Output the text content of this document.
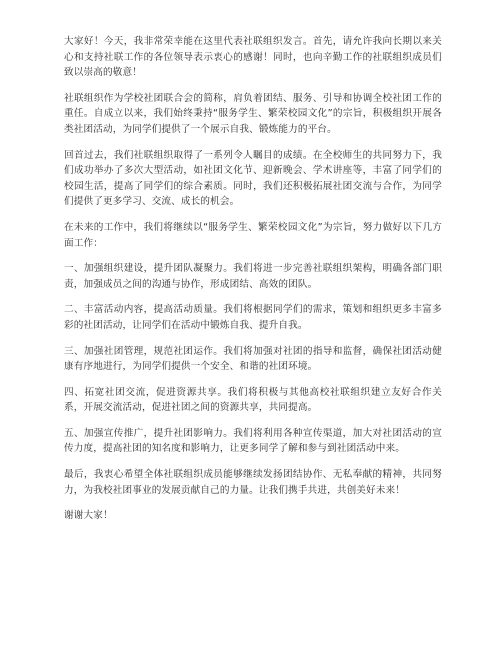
大家好！今天，我非常荣幸能在这里代表社联组织发言。首先，请允许我向长期以来关心和支持社联工作的各位领导表示衷心的感谢！同时，也向辛勤工作的社联组织成员们致以崇高的敬意！

社联组织作为学校社团联合会的简称，肩负着团结、服务、引导和协调全校社团工作的重任。自成立以来，我们始终秉持“服务学生、繁荣校园文化”的宗旨，积极组织开展各类社团活动，为同学们提供了一个展示自我、锻炼能力的平台。

回首过去，我们社联组织取得了一系列令人瞩目的成绩。在全校师生的共同努力下，我们成功举办了多次大型活动，如社团文化节、迎新晚会、学术讲座等，丰富了同学们的校园生活，提高了同学们的综合素质。同时，我们还积极拓展社团交流与合作，为同学们提供了更多学习、交流、成长的机会。

在未来的工作中，我们将继续以“服务学生、繁荣校园文化”为宗旨，努力做好以下几方面工作：

一、加强组织建设，提升团队凝聚力。我们将进一步完善社联组织架构，明确各部门职责，加强成员之间的沟通与协作，形成团结、高效的团队。

二、丰富活动内容，提高活动质量。我们将根据同学们的需求，策划和组织更多丰富多彩的社团活动，让同学们在活动中锻炼自我、提升自我。

三、加强社团管理，规范社团运作。我们将加强对社团的指导和监督，确保社团活动健康有序地进行，为同学们提供一个安全、和谐的社团环境。

四、拓宽社团交流，促进资源共享。我们将积极与其他高校社联组织建立友好合作关系，开展交流活动，促进社团之间的资源共享，共同提高。

五、加强宣传推广，提升社团影响力。我们将利用各种宣传渠道，加大对社团活动的宣传力度，提高社团的知名度和影响力，让更多同学了解和参与到社团活动中来。

最后，我衷心希望全体社联组织成员能够继续发扬团结协作、无私奉献的精神，共同努力，为我校社团事业的发展贡献自己的力量。让我们携手共进，共创美好未来！

谢谢大家！
